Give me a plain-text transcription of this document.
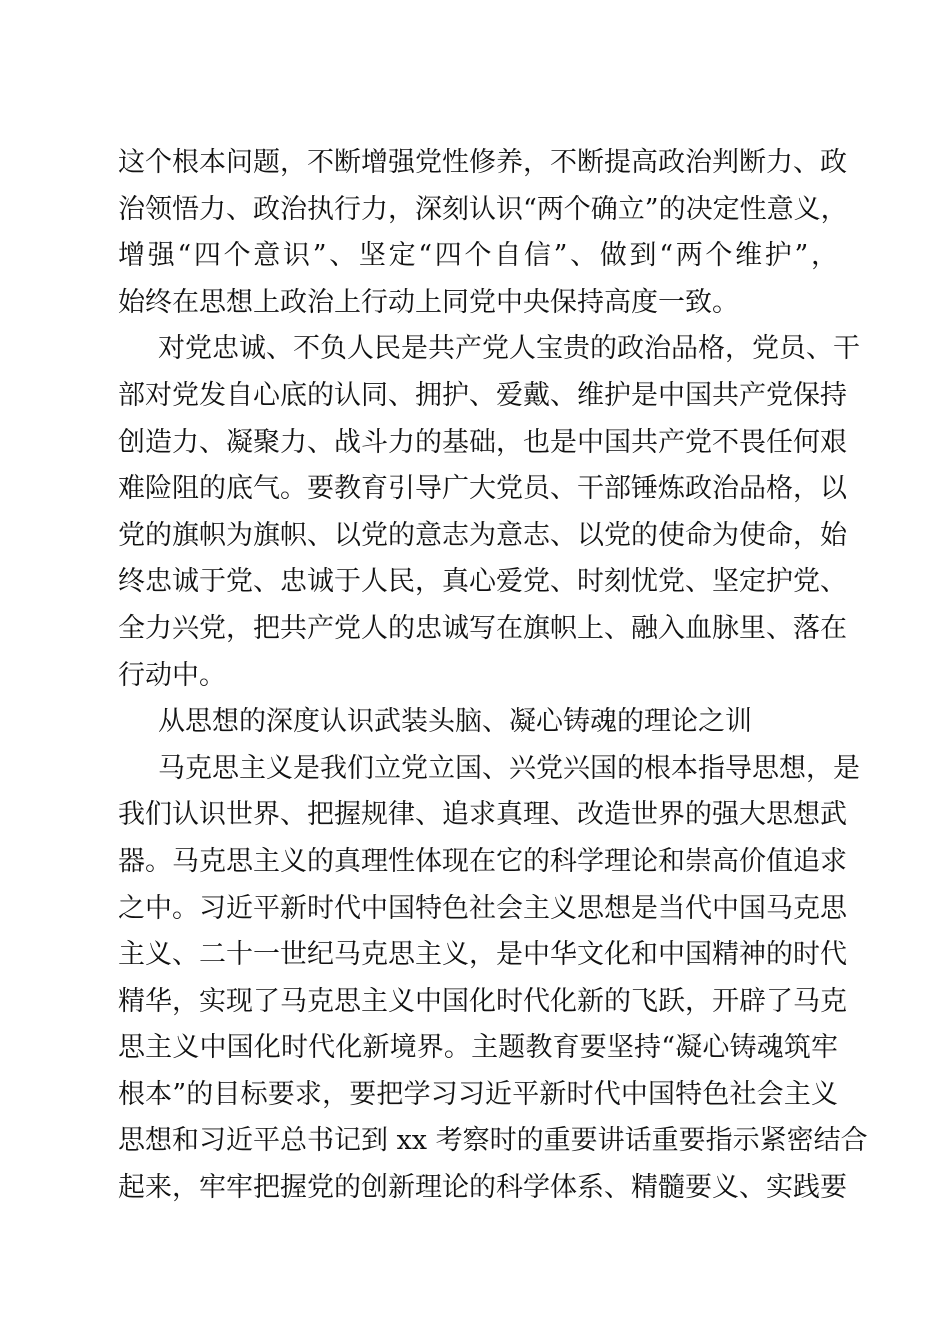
这个根本问题，不断增强党性修养，不断提高政治判断力、政
治领悟力、政治执行力，深刻认识“两个确立”的决定性意义，
增强“四个意识”、坚定“四个自信”、做到“两个维护”，
始终在思想上政治上行动上同党中央保持高度一致。
对党忠诚、不负人民是共产党人宝贵的政治品格，党员、干
部对党发自心底的认同、拥护、爱戴、维护是中国共产党保持
创造力、凝聚力、战斗力的基础，也是中国共产党不畏任何艰
难险阻的底气。要教育引导广大党员、干部锤炼政治品格，以
党的旗帜为旗帜、以党的意志为意志、以党的使命为使命，始
终忠诚于党、忠诚于人民，真心爱党、时刻忧党、坚定护党、
全力兴党，把共产党人的忠诚写在旗帜上、融入血脉里、落在
行动中。
从思想的深度认识武装头脑、凝心铸魂的理论之训
马克思主义是我们立党立国、兴党兴国的根本指导思想，是
我们认识世界、把握规律、追求真理、改造世界的强大思想武
器。马克思主义的真理性体现在它的科学理论和崇高价值追求
之中。习近平新时代中国特色社会主义思想是当代中国马克思
主义、二十一世纪马克思主义，是中华文化和中国精神的时代
精华，实现了马克思主义中国化时代化新的飞跃，开辟了马克
思主义中国化时代化新境界。主题教育要坚持“凝心铸魂筑牢
根本”的目标要求，要把学习习近平新时代中国特色社会主义
思想和习近平总书记到 xx 考察时的重要讲话重要指示紧密结合
起来，牢牢把握党的创新理论的科学体系、精髓要义、实践要
